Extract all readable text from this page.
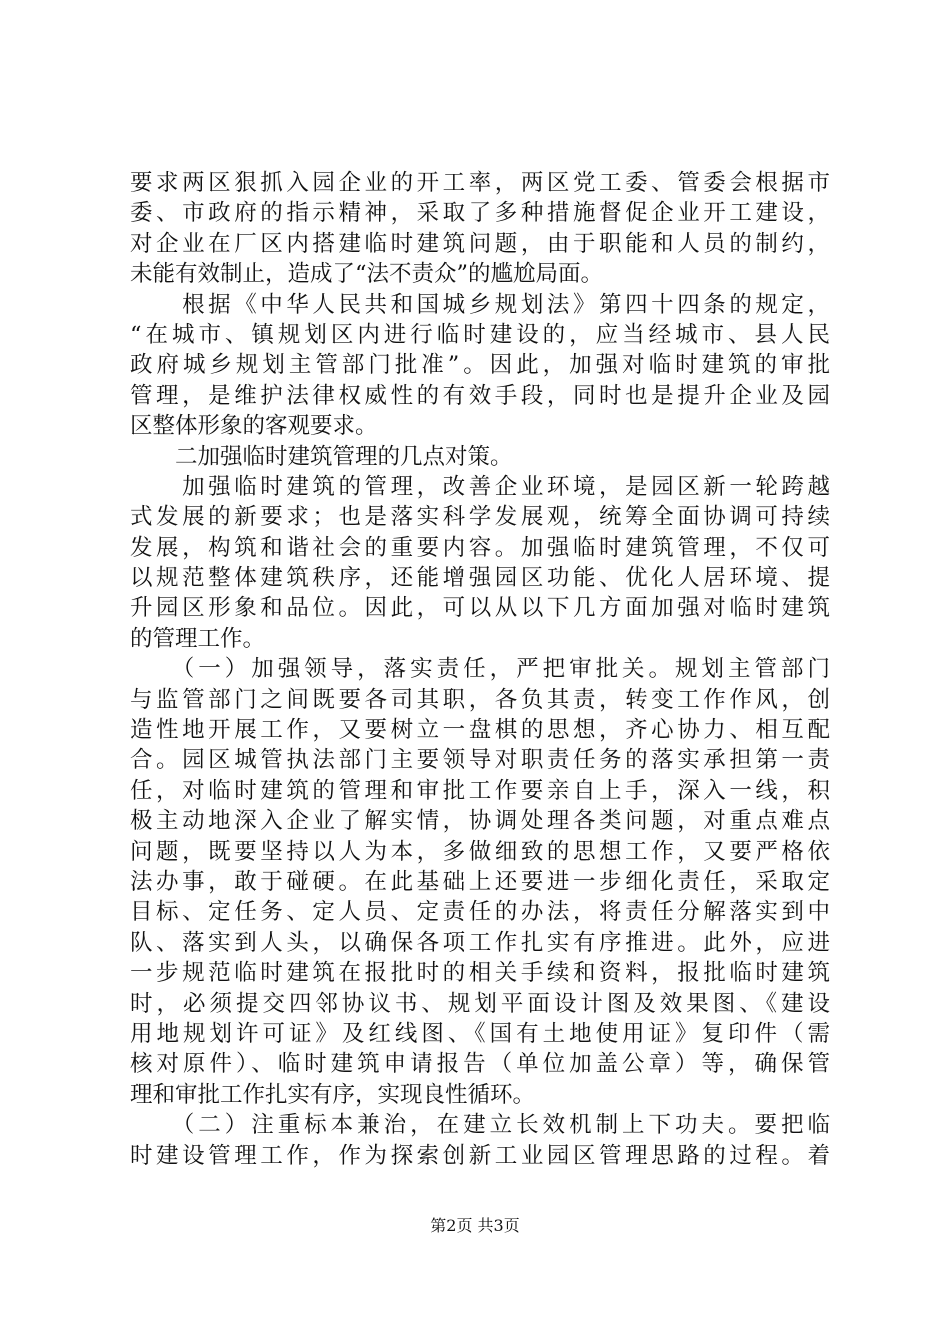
要求两区狠抓入园企业的开工率，两区党工委、管委会根据市
委、市政府的指示精神，采取了多种措施督促企业开工建设，
对企业在厂区内搭建临时建筑问题，由于职能和人员的制约，
未能有效制止，造成了“法不责众”的尴尬局面。
　　根据《中华人民共和国城乡规划法》第四十四条的规定，
“在城市、镇规划区内进行临时建设的，应当经城市、县人民
政府城乡规划主管部门批准”。因此，加强对临时建筑的审批
管理，是维护法律权威性的有效手段，同时也是提升企业及园
区整体形象的客观要求。
　　二加强临时建筑管理的几点对策。
　　加强临时建筑的管理，改善企业环境，是园区新一轮跨越
式发展的新要求；也是落实科学发展观，统筹全面协调可持续
发展，构筑和谐社会的重要内容。加强临时建筑管理，不仅可
以规范整体建筑秩序，还能增强园区功能、优化人居环境、提
升园区形象和品位。因此，可以从以下几方面加强对临时建筑
的管理工作。
　　（一）加强领导，落实责任，严把审批关。规划主管部门
与监管部门之间既要各司其职，各负其责，转变工作作风，创
造性地开展工作，又要树立一盘棋的思想，齐心协力、相互配
合。园区城管执法部门主要领导对职责任务的落实承担第一责
任，对临时建筑的管理和审批工作要亲自上手，深入一线，积
极主动地深入企业了解实情，协调处理各类问题，对重点难点
问题，既要坚持以人为本，多做细致的思想工作，又要严格依
法办事，敢于碰硬。在此基础上还要进一步细化责任，采取定
目标、定任务、定人员、定责任的办法，将责任分解落实到中
队、落实到人头，以确保各项工作扎实有序推进。此外，应进
一步规范临时建筑在报批时的相关手续和资料，报批临时建筑
时，必须提交四邻协议书、规划平面设计图及效果图、《建设
用地规划许可证》及红线图、《国有土地使用证》复印件（需
核对原件）、临时建筑申请报告（单位加盖公章）等，确保管
理和审批工作扎实有序，实现良性循环。
　　（二）注重标本兼治，在建立长效机制上下功夫。要把临
时建设管理工作，作为探索创新工业园区管理思路的过程。着
第2页 共3页
